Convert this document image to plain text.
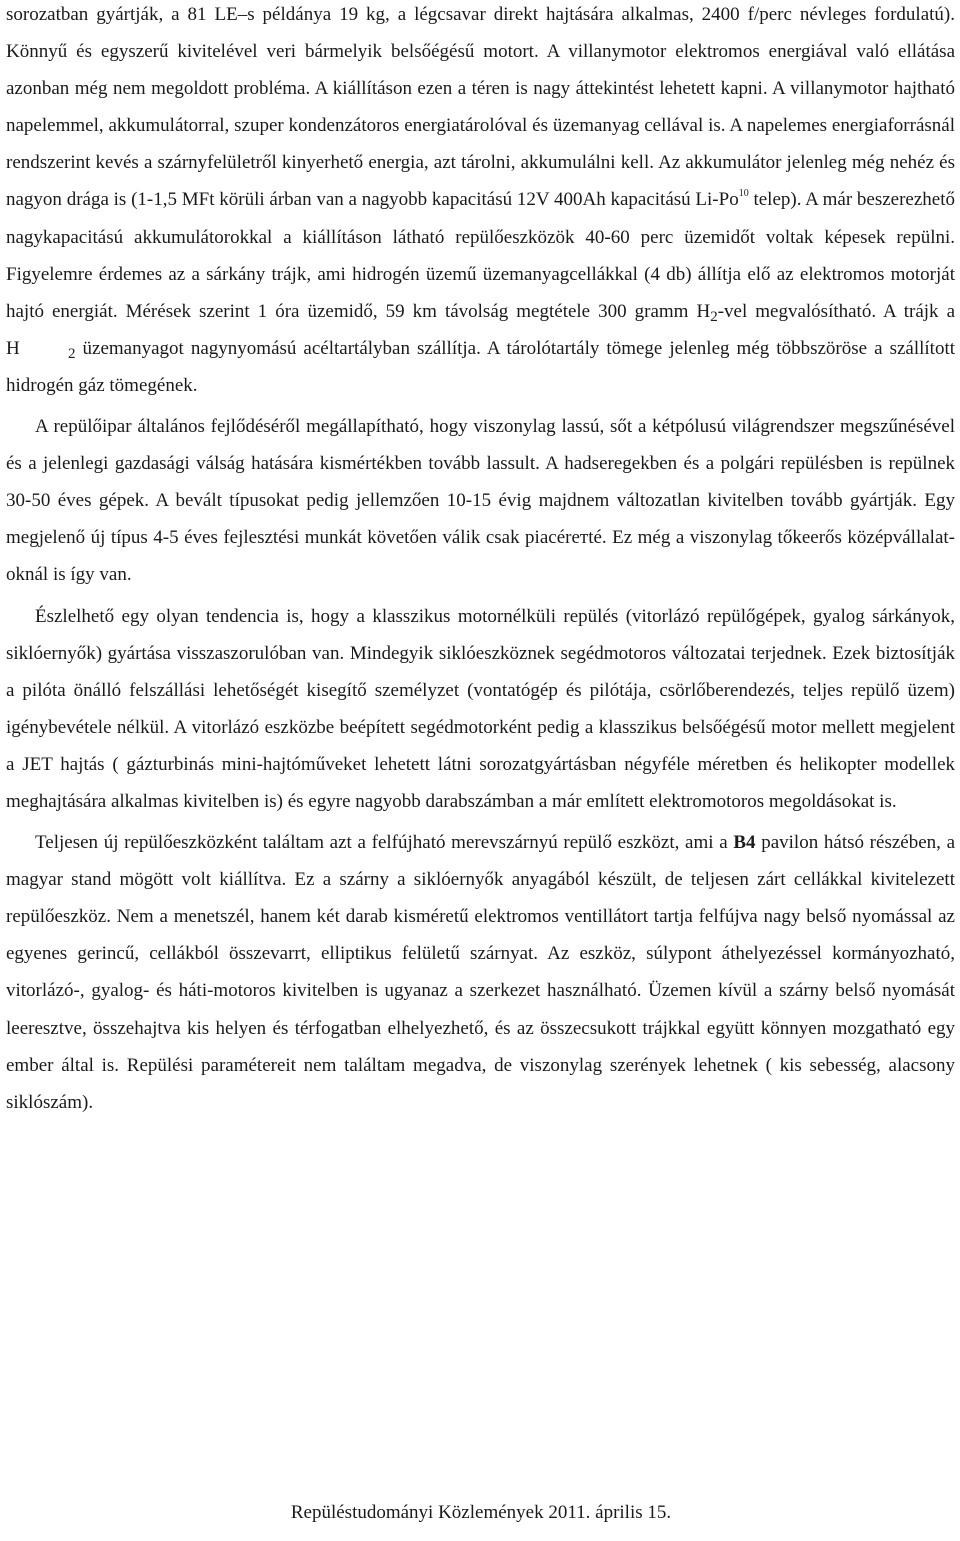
sorozatban gyártják, a 81 LE–s példánya 19 kg, a légcsavar direkt hajtására alkalmas, 2400 f/perc névleges fordulatú). Könnyű és egyszerű kivitelével veri bármelyik belsőégésű motort. A villanymotor elektromos energiával való ellátása azonban még nem megoldott probléma. A kiállításon ezen a téren is nagy áttekintést lehetett kapni. A villanymotor hajtható napelemmel, akkumulátorral, szuper kondenzátoros energiatárolóval és üzemanyag cellával is. A napelemes energiaforrásnál rendszerint kevés a szárnyfelületről kinyerhető energia, azt tárolni, akkumulálni kell. Az akkumulátor jelenleg még nehéz és nagyon drága is (1-1,5 MFt körüli árban van a nagyobb kapacitású 12V 400Ah kapacitású Li-Po$^{10}$ telep). A már beszerezhető nagykapacitású akkumulátorokkal a kiállításon látható repülőeszközök 40-60 perc üzemidőt voltak képesek repülni. Figyelemre érdemes az a sárkány trájk, ami hidrogén üzemű üzemanyagcellákkal (4 db) állítja elő az elektromos motorját hajtó energiát. Mérések szerint 1 óra üzemidő, 59 km távolság megtétele 300 gramm $H_2$-vel megvalósítható. A trájk a H	$_2$ üzemanyagot nagynyomású acéltartályban szállítja. A tárolótartály tömege jelenleg még többszöröse a szállított hidrogén gáz tömegének.

A repülőipar általános fejlődéséről megállapítható, hogy viszonylag lassú, sőt a kétpólusú világrendszer megszűnésével és a jelenlegi gazdasági válság hatására kismértékben tovább lassult. A hadseregekben és a polgári repülésben is repülnek 30-50 éves gépek. A bevált típusokat pedig jellemzően 10-15 évig majdnem változatlan kivitelben tovább gyártják. Egy megjelenő új típus 4-5 éves fejlesztési munkát követően válik csak piacérетté. Ez még a viszonylag tőkeerős középvállalat-oknál is így van.

Észlelhető egy olyan tendencia is, hogy a klasszikus motornélküli repülés (vitorlázó repülőgépek, gyalog sárkányok, siklóernyők) gyártása visszaszorulóban van. Mindegyik siklóeszköznek segédmotoros változatai terjednek. Ezek biztosítják a pilóta önálló felszállási lehetőségét kisegítő személyzet (vontatógép és pilótája, csörlőberendezés, teljes repülő üzem) igénybevétele nélkül. A vitorlázó eszközbe beépített segédmotorként pedig a klasszikus belsőégésű motor mellett megjelent a JET hajtás ( gázturbinás mini-hajtóműveket lehetett látni sorozatgyártásban négyféle méretben és helikopter modellek meghajtására alkalmas kivitelben is) és egyre nagyobb darabszámban a már említett elektromotoros megoldásokat is.

Teljesen új repülőeszközként találtam azt a felfújható merevszárnyú repülő eszközt, ami a B4 pavilon hátsó részében, a magyar stand mögött volt kiállítva. Ez a szárny a siklóernyők anyagából készült, de teljesen zárt cellákkal kivitelezett repülőeszköz. Nem a menetszél, hanem két darab kisméretű elektromos ventillátort tartja felfújva nagy belső nyomással az egyenes gerincű, cellákból összevarrt, elliptikus felületű szárnyat. Az eszköz, súlypont áthelyezéssel kormányozható, vitorlázó-, gyalog- és háti-motoros kivitelben is ugyanaz a szerkezet használható. Üzemen kívül a szárny belső nyomását leeresztve, összehajtva kis helyen és térfogatban elhelyezhető, és az összecsukott trájkkal együtt könnyen mozgatható egy ember által is. Repülési paramétereit nem találtam megadva, de viszonylag szerények lehetnek ( kis sebesség, alacsony siklószám).

Repüléstudományi Közlemények 2011. április 15.
